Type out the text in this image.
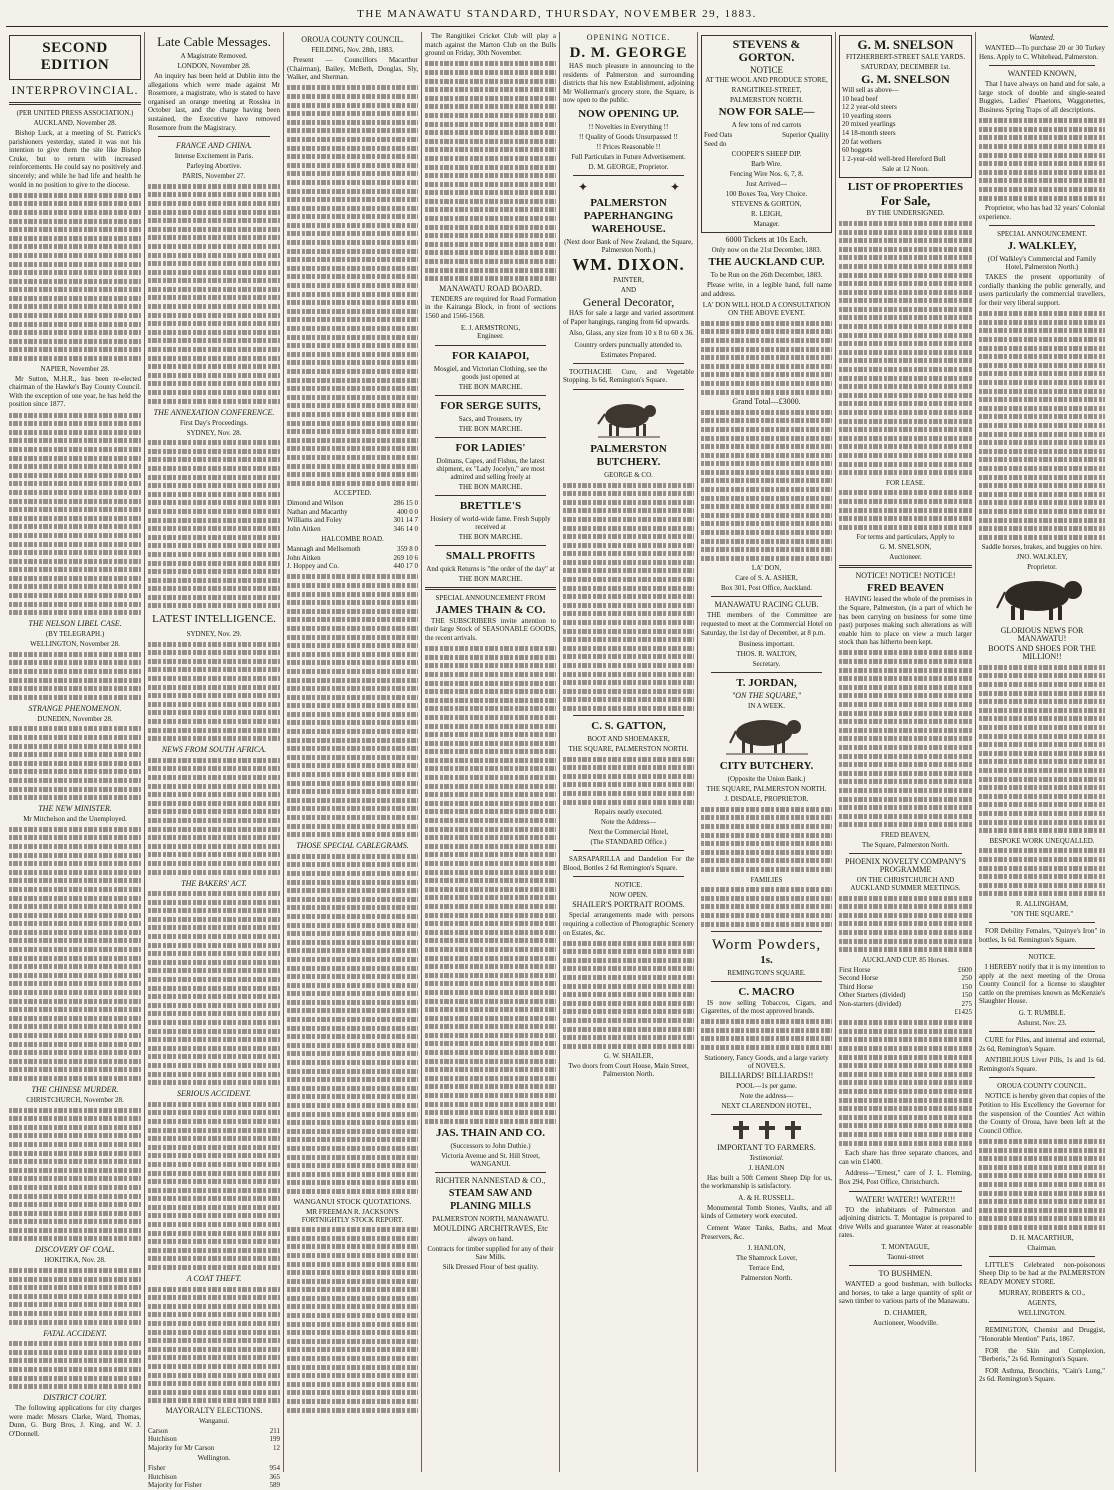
THE MANAWATU STANDARD, THURSDAY, NOVEMBER 29, 1883.
SECOND EDITION
INTERPROVINCIAL.
(PER UNITED PRESS ASSOCIATION.)
AUCKLAND, November 28.

Bishop Luck, at a meeting of St. Patrick's parishioners yesterday, stated it was not his intention to give them the site like Bishop Cruke, but to return with increased reinforcements. He could say no positively and sincerely; and while he had life and health he would in no position to give to the diocese.

NAPIER, November 28.

Mr Sutton, M.H.R., has been re-elected chairman of the Hawke's Bay County Council. With the exception of one year, he has held the position since 1877.

THE NELSON LIBEL CASE.
(BY TELEGRAPH.)
WELLINGTON, November 28.
STRANGE PHENOMENON.
DUNEDIN, November 28.
THE NEW MINISTER.
Mr Mitchelson and the Unemployed.
THE CHINESE MURDER.
CHRISTCHURCH, November 28.
DISCOVERY OF COAL.
HOKITIKA, Nov. 28.
FATAL ACCIDENT.
DISTRICT COURT.

The following applications for city charges were made: Messrs Clarke, Ward, Thomas, Dunn, G. Burg Bros, J. King, and W. J. O'Donnell.

Late Cable Messages.
A Magistrate Removed.
LONDON, November 28.

An inquiry has been held at Dublin into the allegations which were made against Mr Rosemore, a magistrate, who is stated to have organised an orange meeting at Rosslea in October last, and the charge having been sustained, the Executive have removed Rosemore from the Magistracy.

FRANCE AND CHINA.
Intense Excitement in Paris.
Parleying Abortive.
PARIS, November 27.
THE ANNEXATION CONFERENCE.
First Day's Proceedings.
SYDNEY, Nov. 28.
LATEST INTELLIGENCE.
SYDNEY, Nov. 29.
NEWS FROM SOUTH AFRICA.
THE BAKERS' ACT.
SERIOUS ACCIDENT.
A COAT THEFT.
MAYORALTY ELECTIONS.
Wanganui.
Carson	211
Hutchison	199
Majority for Mr Carson	12
Wellington.
Fisher	954
Hutchison	365
Majority for Fisher	589
OROUA COUNTY COUNCIL.
FEILDING, Nov. 28th, 1883.

Present — Councillors Macarthur (Chairman), Bailey, McBeth, Douglas, Sly, Walker, and Sherman.

ACCEPTED.
Dimond and Wilson	286 15 0
Nathan and Macarthy	400 0 0
Williams and Foley	301 14 7
John Aitken	346 14 0
HALCOMBE ROAD.
Mannagh and Mellsemoth	359 8 0
John Aitken	269 10 6
J. Hoppey and Co.	440 17 0
THOSE SPECIAL CABLEGRAMS.
WANGANUI STOCK QUOTATIONS.
MR FREEMAN R. JACKSON'S FORTNIGHTLY STOCK REPORT.

The Rangitikei Cricket Club will play a match against the Marton Club on the Bulls ground on Friday, 30th November.

MANAWATU ROAD BOARD.

TENDERS are required for Road Formation in the Kairanga Block, in front of sections 1560 and 1566-1568.

E. J. ARMSTRONG,
Engineer.
FOR KAIAPOI,
Mosgiel, and Victorian Clothing, see the goods just opened at
THE BON MARCHE.
FOR SERGE SUITS,
Sacs, and Trousers, try
THE BON MARCHE.
FOR LADIES'
Dolmans, Capes, and Fishus, the latest shipment, ex "Lady Jocelyn," are most admired and selling freely at
THE BON MARCHE.
BRETTLE'S
Hosiery of world-wide fame. Fresh Supply received at
THE BON MARCHE.
SMALL PROFITS
And quick Returns is "the order of the day" at
THE BON MARCHE.
SPECIAL ANNOUNCEMENT FROM
JAMES THAIN & CO.

THE SUBSCRIBERS invite attention to their large Stock of SEASONABLE GOODS, the recent arrivals.

JAS. THAIN AND CO.
(Successors to John Duthie.)
Victoria Avenue and St. Hill Street, WANGANUI.
RICHTER NANNESTAD & CO.,
STEAM SAW AND PLANING MILLS
PALMERSTON NORTH, MANAWATU.
MOULDING ARCHITRAVES, Etc
always on hand.
Contracts for timber supplied for any of their Saw Mills.
Silk Dressed Flour of best quality.
OPENING NOTICE.
D. M. GEORGE

HAS much pleasure in announcing to the residents of Palmerston and surrounding districts that his new Establishment, adjoining Mr Wollerman's grocery store, the Square, is now open to the public.

NOW OPENING UP.
!! Novelties in Everything !!
!! Quality of Goods Unsurpassed !!
!! Prices Reasonable !!
Full Particulars in Future Advertisement.
D. M. GEORGE, Proprietor.
✦	✦
PALMERSTON PAPERHANGING WAREHOUSE.
(Next door Bank of New Zealand, the Square, Palmerston North.)
WM. DIXON.
PAINTER,
AND
General Decorator,

HAS for sale a large and varied assortment of Paper hangings, ranging from 6d upwards.

Also, Glass, any size from 10 x 8 to 60 x 36.

Country orders punctually attended to.
Estimates Prepared.

TOOTHACHE Cure, and Vegetable Stopping. Is 6d, Remington's Square.

PALMERSTON BUTCHERY.
GEORGE & CO.
C. S. GATTON,
BOOT AND SHOEMAKER,
THE SQUARE, PALMERSTON NORTH.
Repairs neatly executed.
Note the Address—
Next the Commercial Hotel,
(The STANDARD Office.)

SARSAPARILLA and Dandelion For the Blood, Bottles 2 6d Remington's Square.

NOTICE.
NOW OPEN.
SHAILER'S PORTRAIT ROOMS.

Special arrangements made with persons requiring a collection of Photographic Scenery on Estates, &c.

G. W. SHAILER,
Two doors from Court House, Main Street, Palmerston North.
STEVENS & GORTON.
NOTICE
AT THE WOOL AND PRODUCE STORE,
RANGITIKEI-STREET,
PALMERSTON NORTH.
NOW FOR SALE—
A few tons of red carrots
Feed Oats	Superior Quality
Seed do
COOPER'S SHEEP DIP.
Barb Wire.
Fencing Wire Nos. 6, 7, 8.
Just Arrived—
100 Boxes Tea, Very Choice.
STEVENS & GORTON,
R. LEIGH,
Manager.
6000 Tickets at 10s Each.
Only now on the 21st December, 1883.
THE AUCKLAND CUP.
To be Run on the 26th December, 1883.

Please write, in a legible hand, full name and address.

LA' DON WILL HOLD A CONSULTATION ON THE ABOVE EVENT.
Grand Total—£3000.
LA' DON,
Care of S. A. ASHER,
Box 301, Post Office, Auckland.
MANAWATU RACING CLUB.

THE members of the Committee are requested to meet at the Commercial Hotel on Saturday, the 1st day of December, at 8 p.m.

Business important.
THOS. R. WALTON,
Secretary.
T. JORDAN,
"ON THE SQUARE,"
IN A WEEK.
CITY BUTCHERY.
(Opposite the Union Bank.)
THE SQUARE, PALMERSTON NORTH.
J. DISDALE, PROPRIETOR.
FAMILIES
Worm Powders,
1s.
REMINGTON'S SQUARE.
C. MACRO

IS now selling Tobaccos, Cigars, and Cigarettes, of the most approved brands.

Stationery, Fancy Goods, and a large variety of NOVELS.
BILLIARDS! BILLIARDS!!
POOL—1s per game.
Note the address—
NEXT CLARENDON HOTEL,
IMPORTANT TO FARMERS.
Testimonial.
J. HANLON

Has built a 50ft Cement Sheep Dip for us, the workmanship is satisfactory.

A. & H. RUSSELL.

Monumental Tomb Stones, Vaults, and all kinds of Cemetery work executed.

Cement Water Tanks, Baths, and Meat Preservers, &c.

J. HANLON,
The Shamrock Lover,
Terrace End,
Palmerston North.
G. M. SNELSON
FITZHERBERT-STREET SALE YARDS.
SATURDAY, DECEMBER 1st.
G. M. SNELSON
Will sell as above—
10 head beef
12 2 year-old steers
10 yearling steers
20 mixed yearlings
14 18-month steers
20 fat wethers
60 hoggets
1 2-year-old well-bred Hereford Bull
Sale at 12 Noon.
LIST OF PROPERTIES
For Sale,
BY THE UNDERSIGNED.
FOR LEASE.
For terms and particulars, Apply to
G. M. SNELSON,
Auctioneer.
NOTICE! NOTICE! NOTICE!
FRED BEAVEN

HAVING leased the whole of the premises in the Square, Palmerston, (in a part of which he has been carrying on business for some time past) purposes making such alterations as will enable him to place on view a much larger stock than has hitherto been kept.

FRED BEAVEN,
The Square, Palmerston North.
PHOENIX NOVELTY COMPANY'S PROGRAMME
ON THE CHRISTCHURCH AND AUCKLAND SUMMER MEETINGS.
AUCKLAND CUP. 85 Horses.
First Horse	£600
Second Horse	250
Third Horse	150
Other Starters (divided)	150
Non-starters (divided)	275
£1425

Each share has three separate chances, and can win £1400.

Address—"Ernest," care of J. L. Fleming, Box 294, Post Office, Christchurch.

WATER! WATER!! WATER!!!

TO the inhabitants of Palmerston and adjoining districts. T. Montague is prepared to drive Wells and guarantee Water at reasonable rates.

T. MONTAGUE,
Taonui-street
TO BUSHMEN.

WANTED a good bushman, with bullocks and horses, to take a large quantity of split or sawn timber to various parts of the Manawatu.

D. CHAMIER,
Auctioneer, Woodville.
Wanted.

WANTED—To purchase 20 or 30 Turkey Hens. Apply to C. Whitehead, Palmerston.

WANTED KNOWN,

That I have always on hand and for sale, a large stock of double and single-seated Buggies, Ladies' Phaetons, Waggonettes, Business Spring Traps of all descriptions.

Proprietor, who has had 32 years' Colonial experience.

SPECIAL ANNOUNCEMENT.
J. WALKLEY,
(Of Walkley's Commercial and Family Hotel, Palmerston North.)

TAKES the present opportunity of cordially thanking the public generally, and users particularly the commercial travellers, for their very liberal support.

Saddle horses, brakes, and buggies on hire.
JNO. WALKLEY,
Proprietor.
GLORIOUS NEWS FOR MANAWATU!
BOOTS AND SHOES FOR THE MILLION!!
BESPOKE WORK UNEQUALLED.
R. ALLINGHAM,
"ON THE SQUARE."

FOR Debility Females, "Quinye's Iron" in bottles, Is 6d. Remington's Square.

NOTICE.

I HEREBY notify that it is my intention to apply at the next meeting of the Oroua County Council for a license to slaughter cattle on the premises known as McKenzie's Slaughter House.

G. T. RUMBLE.
Ashurst, Nov. 23.

CURE for Piles, and internal and external, 2s 6d, Remington's Square.

ANTIBILIOUS Liver Pills, 1s and 1s 6d. Remington's Square.

OROUA COUNTY COUNCIL.

NOTICE is hereby given that copies of the Petition to His Excellency the Governor for the suspension of the Counties' Act within the County of Oroua, have been left at the Council Office.

D. H. MACARTHUR,
Chairman.

LITTLE'S Celebrated non-poisonous Sheep Dip to be had at the PALMERSTON READY MONEY STORE.

MURRAY, ROBERTS & CO.,
AGENTS,
WELLINGTON.

REMINGTON, Chemist and Druggist, "Honorable Mention" Paris, 1867.

FOR the Skin and Complexion, "Berberis," 2s 6d. Remington's Square.

FOR Asthma, Bronchitis, "Cain's Lung," 2s 6d. Remington's Square.
